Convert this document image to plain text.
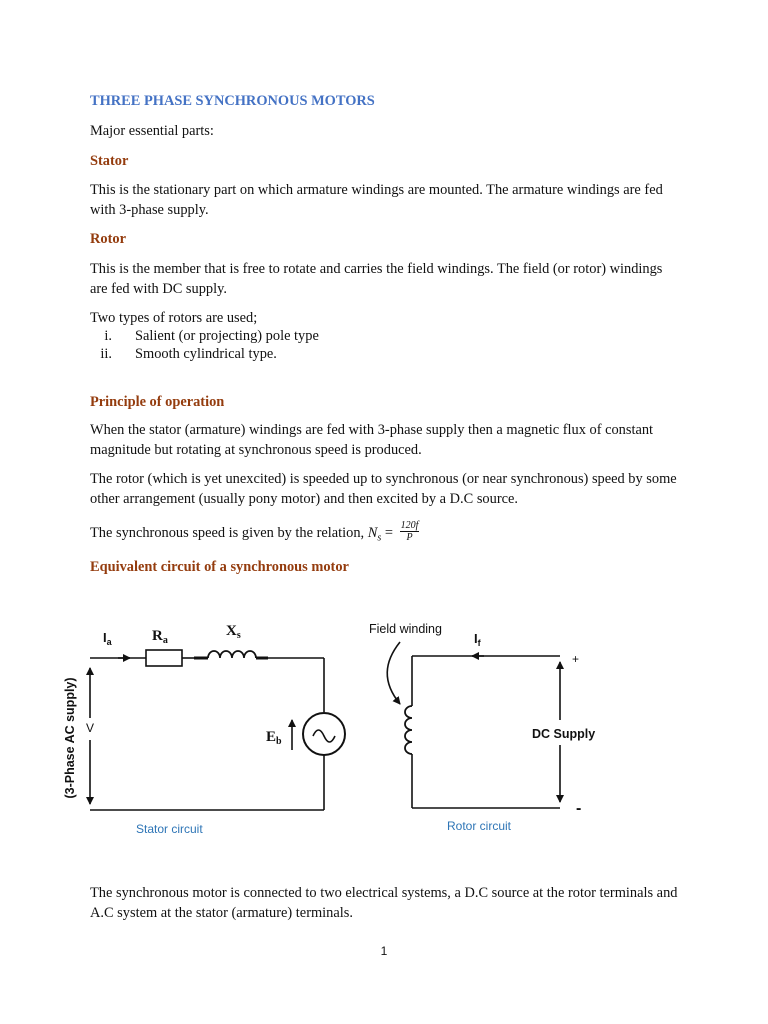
THREE PHASE SYNCHRONOUS MOTORS

Major essential parts:

Stator

This is the stationary part on which armature windings are mounted. The armature windings are fed with 3-phase supply.

Rotor

This is the member that is free to rotate and carries the field windings. The field (or rotor) windings are fed with DC supply.

Two types of rotors are used;

i. Salient (or projecting) pole type
ii. Smooth cylindrical type.
Principle of operation

When the stator (armature) windings are fed with 3-phase supply then a magnetic flux of constant magnitude but rotating at synchronous speed is produced.

The rotor (which is yet unexcited) is speeded up to synchronous (or near synchronous) speed by some other arrangement (usually pony motor) and then excited by a D.C source.

The synchronous speed is given by the relation, $N_s = \frac{120f}{P}$

Equivalent circuit of a synchronous motor
$I_a$	$R_a$
$X_s$
V
$E_b$
(3-Phase AC supply)
Stator circuit
Field winding
$I_f$
+
DC Supply
-
Rotor circuit

The synchronous motor is connected to two electrical systems, a D.C source at the rotor terminals and A.C system at the stator (armature) terminals.

1
